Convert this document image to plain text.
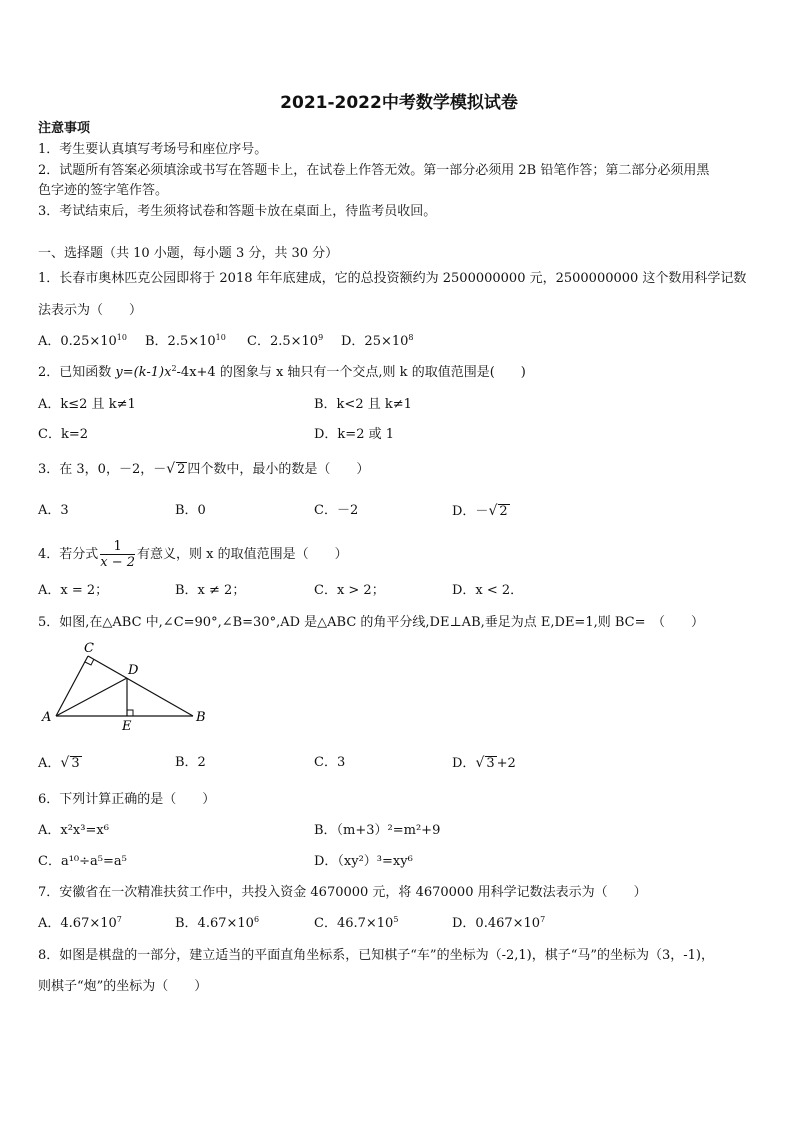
2021-2022中考数学模拟试卷
注意事项
1．考生要认真填写考场号和座位序号。
2．试题所有答案必须填涂或书写在答题卡上，在试卷上作答无效。第一部分必须用 2B 铅笔作答；第二部分必须用黑
色字迹的签字笔作答。
3．考试结束后，考生须将试卷和答题卡放在桌面上，待监考员收回。
一、选择题（共 10 小题，每小题 3 分，共 30 分）
1．长春市奥林匹克公园即将于 2018 年年底建成，它的总投资额约为 2500000000 元，2500000000 这个数用科学记数
法表示为（　　）
A．$0.25\times 10^{10}$ B．$2.5\times 10^{10}$ C．$2.5\times 10^9$ D．$25\times 10^8$
2．已知函数 $y=(k-1)x^2-4x+4$ 的图象与 x 轴只有一个交点,则 k 的取值范围是(　　)
A．k≤2 且 k≠1	B．k<2 且 k≠1
C．k=2	D．k=2 或 1
3．在 3，0，－2，－√ 2 四个数中，最小的数是（　　）
A．3	B．0	C．－2	D．－√ 2
4．若分式 $\frac{1}{x - 2}$ 有意义，则 x 的取值范围是（　　）
A．x = 2；	B．x ≠ 2；	C．x > 2；	D．x < 2．
5．如图,在△ABC 中,∠C=90°,∠B=30°,AD 是△ABC 的角平分线,DE⊥AB,垂足为点 E,DE=1,则 BC=　（　　）
C
D
A
E
B
A．√ 3	B．2	C．3	D．√ 3 +2
6．下列计算正确的是（　　）
A．x²x³=x⁶	B．（m+3）²=m²+9
C．a¹⁰÷a⁵=a⁵	D．（xy²）³=xy⁶
7．安徽省在一次精准扶贫工作中，共投入资金 4670000 元，将 4670000 用科学记数法表示为（　　）
A．$4.67\times 10^7$	B．$4.67\times 10^6$	C．$46.7\times 10^5$	D．$0.467\times 10^7$
8．如图是棋盘的一部分，建立适当的平面直角坐标系，已知棋子“车”的坐标为（-2,1)，棋子“马”的坐标为（3，-1)，
则棋子“炮”的坐标为（　　）
